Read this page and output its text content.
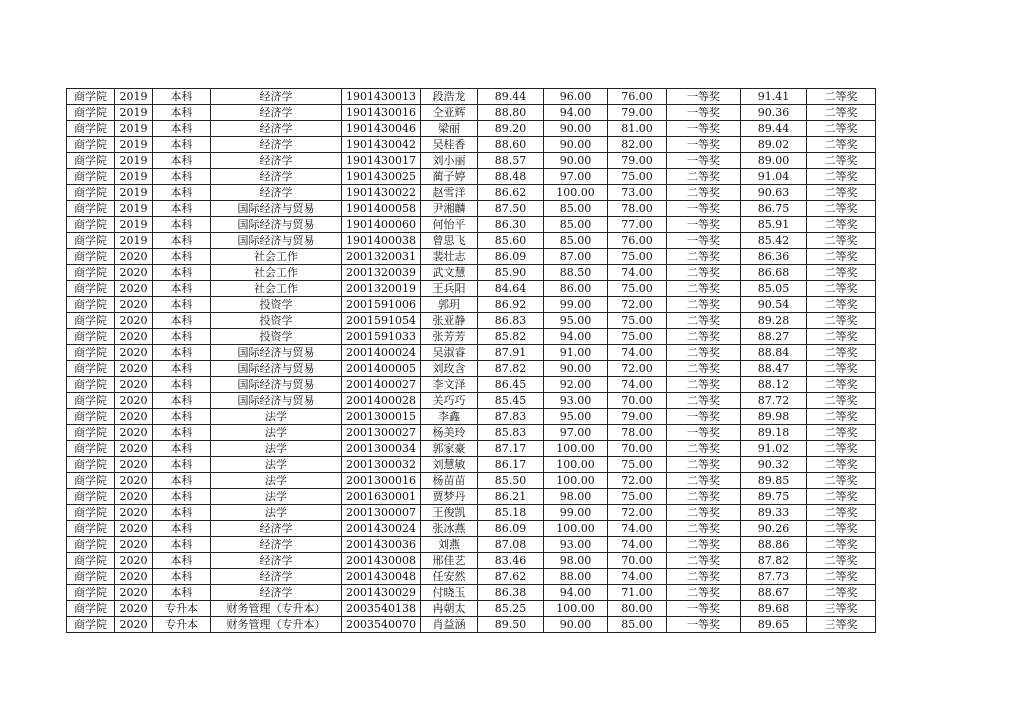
商学院	2019	本科	经济学	1901430013	段浩龙	89.44	96.00	76.00	一等奖	91.41	二等奖
商学院	2019	本科	经济学	1901430016	仝亚辉	88.80	94.00	79.00	一等奖	90.36	二等奖
商学院	2019	本科	经济学	1901430046	梁丽	89.20	90.00	81.00	一等奖	89.44	二等奖
商学院	2019	本科	经济学	1901430042	吴桂香	88.60	90.00	82.00	一等奖	89.02	二等奖
商学院	2019	本科	经济学	1901430017	刘小丽	88.57	90.00	79.00	一等奖	89.00	二等奖
商学院	2019	本科	经济学	1901430025	蔺子婷	88.48	97.00	75.00	二等奖	91.04	二等奖
商学院	2019	本科	经济学	1901430022	赵雪洋	86.62	100.00	73.00	二等奖	90.63	二等奖
商学院	2019	本科	国际经济与贸易	1901400058	尹湘麟	87.50	85.00	78.00	一等奖	86.75	二等奖
商学院	2019	本科	国际经济与贸易	1901400060	何怡平	86.30	85.00	77.00	一等奖	85.91	二等奖
商学院	2019	本科	国际经济与贸易	1901400038	曾思飞	85.60	85.00	76.00	一等奖	85.42	二等奖
商学院	2020	本科	社会工作	2001320031	裴壮志	86.09	87.00	75.00	二等奖	86.36	二等奖
商学院	2020	本科	社会工作	2001320039	武文慧	85.90	88.50	74.00	二等奖	86.68	二等奖
商学院	2020	本科	社会工作	2001320019	王兵阳	84.64	86.00	75.00	二等奖	85.05	二等奖
商学院	2020	本科	投资学	2001591006	郭玥	86.92	99.00	72.00	二等奖	90.54	二等奖
商学院	2020	本科	投资学	2001591054	张亚静	86.83	95.00	75.00	二等奖	89.28	二等奖
商学院	2020	本科	投资学	2001591033	张芳芳	85.82	94.00	75.00	二等奖	88.27	二等奖
商学院	2020	本科	国际经济与贸易	2001400024	吴淑睿	87.91	91.00	74.00	二等奖	88.84	二等奖
商学院	2020	本科	国际经济与贸易	2001400005	刘玫含	87.82	90.00	72.00	二等奖	88.47	二等奖
商学院	2020	本科	国际经济与贸易	2001400027	李文泽	86.45	92.00	74.00	二等奖	88.12	二等奖
商学院	2020	本科	国际经济与贸易	2001400028	关巧巧	85.45	93.00	70.00	二等奖	87.72	二等奖
商学院	2020	本科	法学	2001300015	李鑫	87.83	95.00	79.00	一等奖	89.98	二等奖
商学院	2020	本科	法学	2001300027	杨美玲	85.83	97.00	78.00	一等奖	89.18	二等奖
商学院	2020	本科	法学	2001300034	郭家豪	87.17	100.00	70.00	二等奖	91.02	二等奖
商学院	2020	本科	法学	2001300032	刘慧敏	86.17	100.00	75.00	二等奖	90.32	二等奖
商学院	2020	本科	法学	2001300016	杨苗苗	85.50	100.00	72.00	二等奖	89.85	二等奖
商学院	2020	本科	法学	2001630001	贾梦丹	86.21	98.00	75.00	二等奖	89.75	二等奖
商学院	2020	本科	法学	2001300007	王俊凯	85.18	99.00	72.00	二等奖	89.33	二等奖
商学院	2020	本科	经济学	2001430024	张冰燕	86.09	100.00	74.00	二等奖	90.26	二等奖
商学院	2020	本科	经济学	2001430036	刘燕	87.08	93.00	74.00	二等奖	88.86	二等奖
商学院	2020	本科	经济学	2001430008	邢佳艺	83.46	98.00	70.00	二等奖	87.82	二等奖
商学院	2020	本科	经济学	2001430048	任安然	87.62	88.00	74.00	二等奖	87.73	二等奖
商学院	2020	本科	经济学	2001430029	付晓玉	86.38	94.00	71.00	二等奖	88.67	二等奖
商学院	2020	专升本	财务管理（专升本）	2003540138	冉朝太	85.25	100.00	80.00	一等奖	89.68	三等奖
商学院	2020	专升本	财务管理（专升本）	2003540070	肖益涵	89.50	90.00	85.00	一等奖	89.65	三等奖
